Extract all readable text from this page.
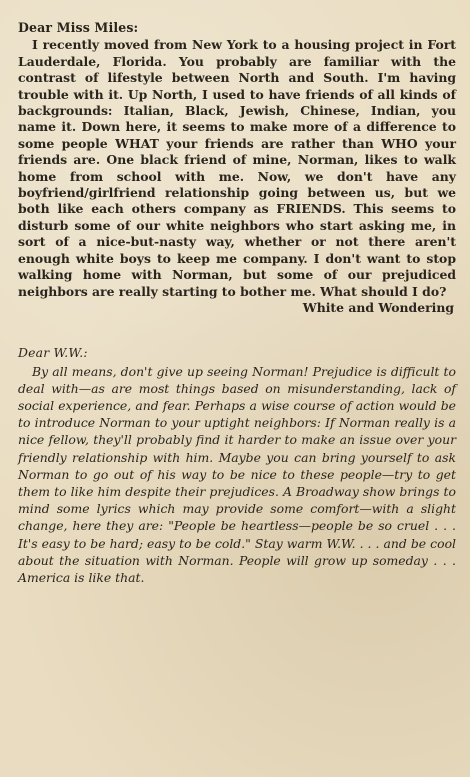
Dear Miss Miles:

I recently moved from New York to a housing project in Fort Lauderdale, Florida. You probably are familiar with the contrast of lifestyle between North and South. I'm having trouble with it. Up North, I used to have friends of all kinds of backgrounds: Italian, Black, Jewish, Chinese, Indian, you name it. Down here, it seems to make more of a difference to some people WHAT your friends are rather than WHO your friends are. One black friend of mine, Norman, likes to walk home from school with me. Now, we don't have any boyfriend/girlfriend relationship going between us, but we both like each others company as FRIENDS. This seems to disturb some of our white neighbors who start asking me, in sort of a nice-but-nasty way, whether or not there aren't enough white boys to keep me company. I don't want to stop walking home with Norman, but some of our prejudiced neighbors are really starting to bother me. What should I do?

White and Wondering
Dear W.W.:

By all means, don't give up seeing Norman! Prejudice is difficult to deal with—as are most things based on misunderstanding, lack of social experience, and fear. Perhaps a wise course of action would be to introduce Norman to your uptight neighbors: If Norman really is a nice fellow, they'll probably find it harder to make an issue over your friendly relationship with him. Maybe you can bring yourself to ask Norman to go out of his way to be nice to these people—try to get them to like him despite their prejudices. A Broadway show brings to mind some lyrics which may provide some comfort—with a slight change, here they are: "People be heartless—people be so cruel . . . It's easy to be hard; easy to be cold." Stay warm W.W. . . . and be cool about the situation with Norman. People will grow up someday . . . America is like that.
